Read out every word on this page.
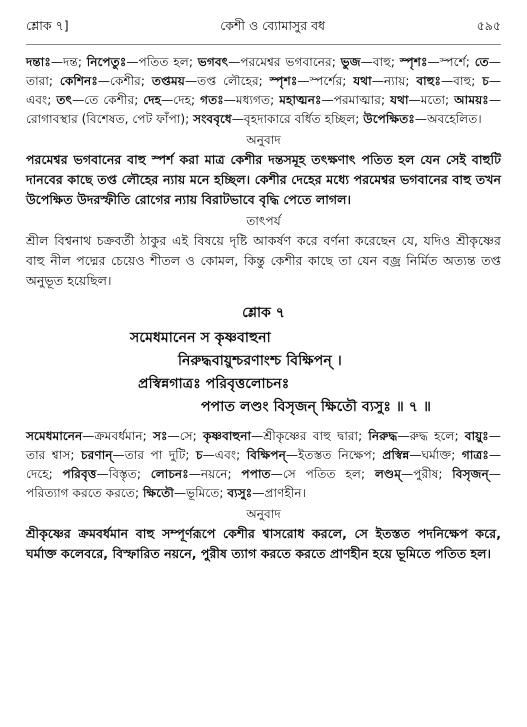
শ্লোক ৭]	কেশী ও ব্যোমাসুর বধ	৫৯৫

দন্তাঃ—দন্ত; নিপেতুঃ—পতিত হল; ভগবৎ—পরমেশ্বর ভগবানের; ভুজ—বাহু; স্পৃশঃ—স্পর্শে; তে—তারা; কেশিনঃ—কেশীর; তপ্তময়—তপ্ত লৌহের; স্পৃশঃ—স্পর্শের; যথা—ন্যায়; বাহুঃ—বাহু; চ—এবং; তৎ—তে কেশীর; দেহ—দেহ; গতঃ—মধ্যগত; মহাত্মনঃ—পরমাত্মার; যথা—মতো; আময়ঃ—রোগাবস্থার (বিশেষত, পেট ফাঁপা); সংববৃধে—বৃহদাকারে বর্ধিত হচ্ছিল; উপেক্ষিতঃ—অবহেলিত।

অনুবাদ

পরমেশ্বর ভগবানের বাহু স্পর্শ করা মাত্র কেশীর দন্তসমূহ তৎক্ষণাৎ পতিত হল যেন সেই বাহুটি দানবের কাছে তপ্ত লৌহের ন্যায় মনে হচ্ছিল। কেশীর দেহের মধ্যে পরমেশ্বর ভগবানের বাহু তখন উপেক্ষিত উদরস্ফীতি রোগের ন্যায় বিরাটভাবে বৃদ্ধি পেতে লাগল।

তাৎপর্য

শ্রীল বিশ্বনাথ চক্রবর্তী ঠাকুর এই বিষয়ে দৃষ্টি আকর্ষণ করে বর্ণনা করেছেন যে, যদিও শ্রীকৃষ্ণের বাহু নীল পদ্মের চেয়েও শীতল ও কোমল, কিন্তু কেশীর কাছে তা যেন বজ্র নির্মিত অত্যন্ত তপ্ত অনুভূত হয়েছিল।

শ্লোক ৭

সমেধমানেন স কৃষ্ণবাহুনা

নিরুদ্ধবায়ুশ্চরণাংশ্চ বিক্ষিপন্ ।

প্রস্বিন্নগাত্রঃ পরিবৃত্তলোচনঃ

পপাত লণ্ডং বিসৃজন্ ক্ষিতৌ ব্যসুঃ ॥ ৭ ॥

সমেধমানেন—ক্রমবর্ধমান; সঃ—সে; কৃষ্ণবাহুনা—শ্রীকৃষ্ণের বাহু দ্বারা; নিরুদ্ধ—রুদ্ধ হলে; বায়ুঃ—তার শ্বাস; চরণান্—তার পা দুটি; চ—এবং; বিক্ষিপন্—ইতস্তত নিক্ষেপ; প্রস্বিন্ন—ঘর্মাক্ত; গাত্রঃ—দেহে; পরিবৃত্ত—বিস্তৃত; লোচনঃ—নয়নে; পপাত—সে পতিত হল; লণ্ডম্—পুরীষ; বিসৃজন্—পরিত্যাগ করতে করতে; ক্ষিতৌ—ভূমিতে; ব্যসুঃ—প্রাণহীন।

অনুবাদ

শ্রীকৃষ্ণের ক্রমবর্ধমান বাহু সম্পূর্ণরূপে কেশীর শ্বাসরোধ করলে, সে ইতস্তত পদনিক্ষেপ করে, ঘর্মাক্ত কলেবরে, বিস্ফারিত নয়নে, পুরীষ ত্যাগ করতে করতে প্রাণহীন হয়ে ভূমিতে পতিত হল।
